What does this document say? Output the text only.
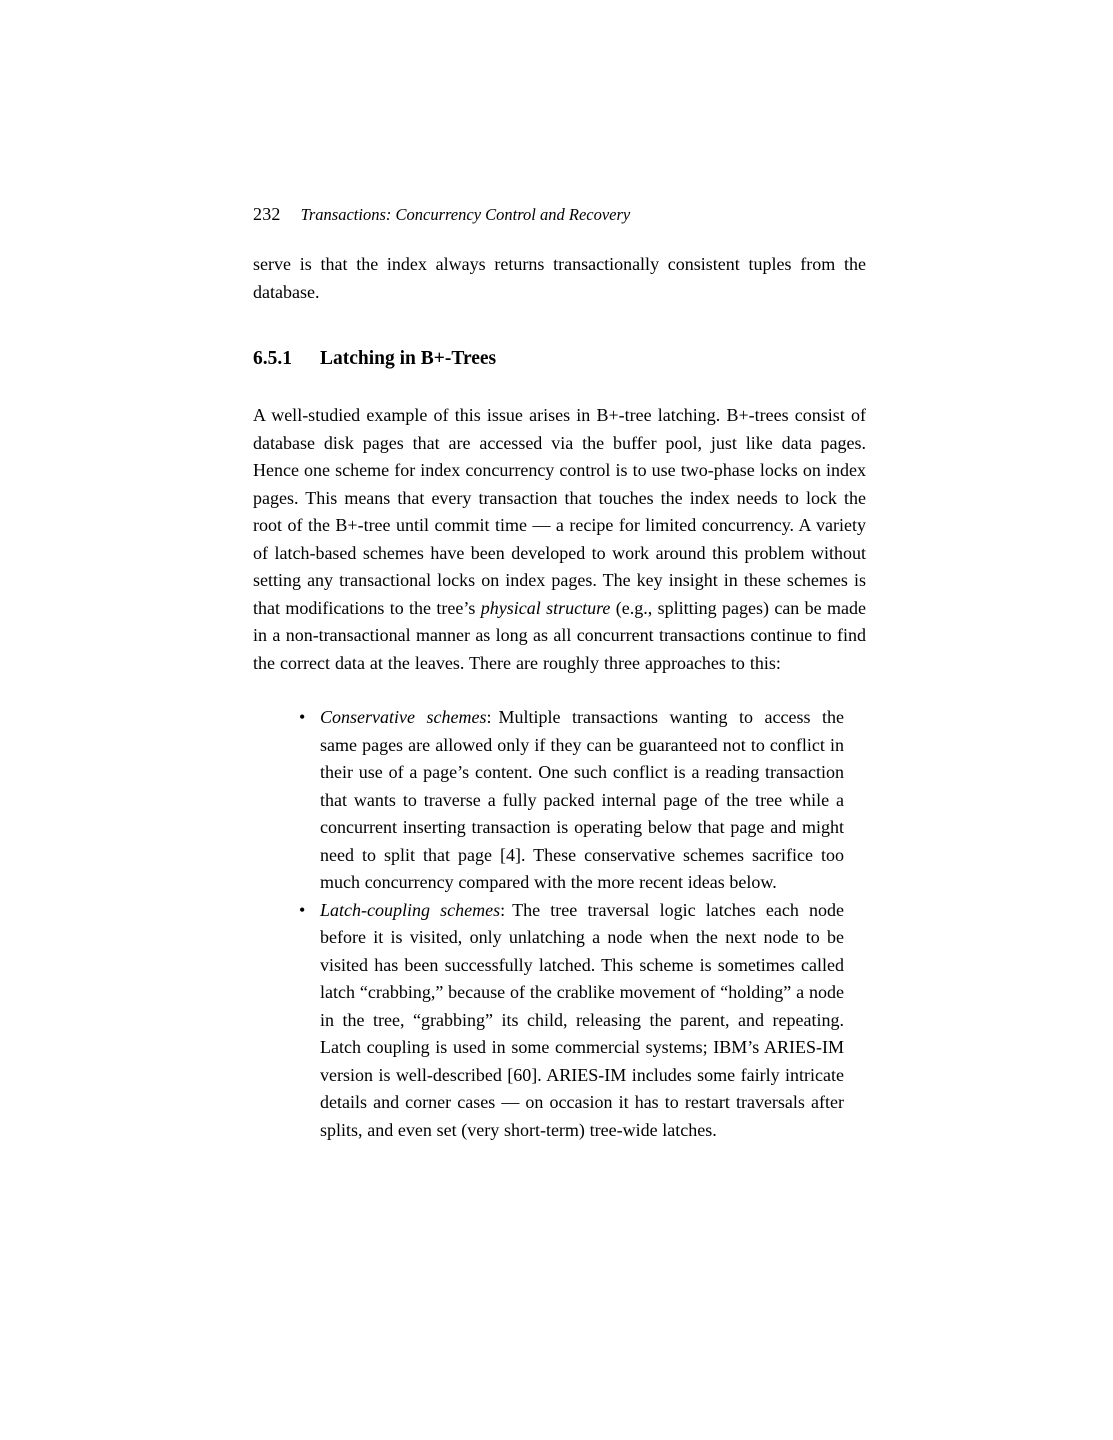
232 Transactions: Concurrency Control and Recovery

serve is that the index always returns transactionally consistent tuples from the database.

6.5.1 Latching in B+-Trees

A well-studied example of this issue arises in B+-tree latching. B+-trees consist of database disk pages that are accessed via the buffer pool, just like data pages. Hence one scheme for index concurrency control is to use two-phase locks on index pages. This means that every transaction that touches the index needs to lock the root of the B+-tree until commit time — a recipe for limited concurrency. A variety of latch-based schemes have been developed to work around this problem without setting any transactional locks on index pages. The key insight in these schemes is that modifications to the tree’s physical structure (e.g., splitting pages) can be made in a non-transactional manner as long as all concurrent transactions continue to find the correct data at the leaves. There are roughly three approaches to this:

• Conservative schemes: Multiple transactions wanting to access the same pages are allowed only if they can be guaranteed not to conflict in their use of a page’s content. One such conflict is a reading transaction that wants to traverse a fully packed internal page of the tree while a concurrent inserting transaction is operating below that page and might need to split that page [4]. These conservative schemes sacrifice too much concurrency compared with the more recent ideas below.
• Latch-coupling schemes: The tree traversal logic latches each node before it is visited, only unlatching a node when the next node to be visited has been successfully latched. This scheme is sometimes called latch “crabbing,” because of the crablike movement of “holding” a node in the tree, “grabbing” its child, releasing the parent, and repeating. Latch coupling is used in some commercial systems; IBM’s ARIES-IM version is well-described [60]. ARIES-IM includes some fairly intricate details and corner cases — on occasion it has to restart traversals after splits, and even set (very short-term) tree-wide latches.
